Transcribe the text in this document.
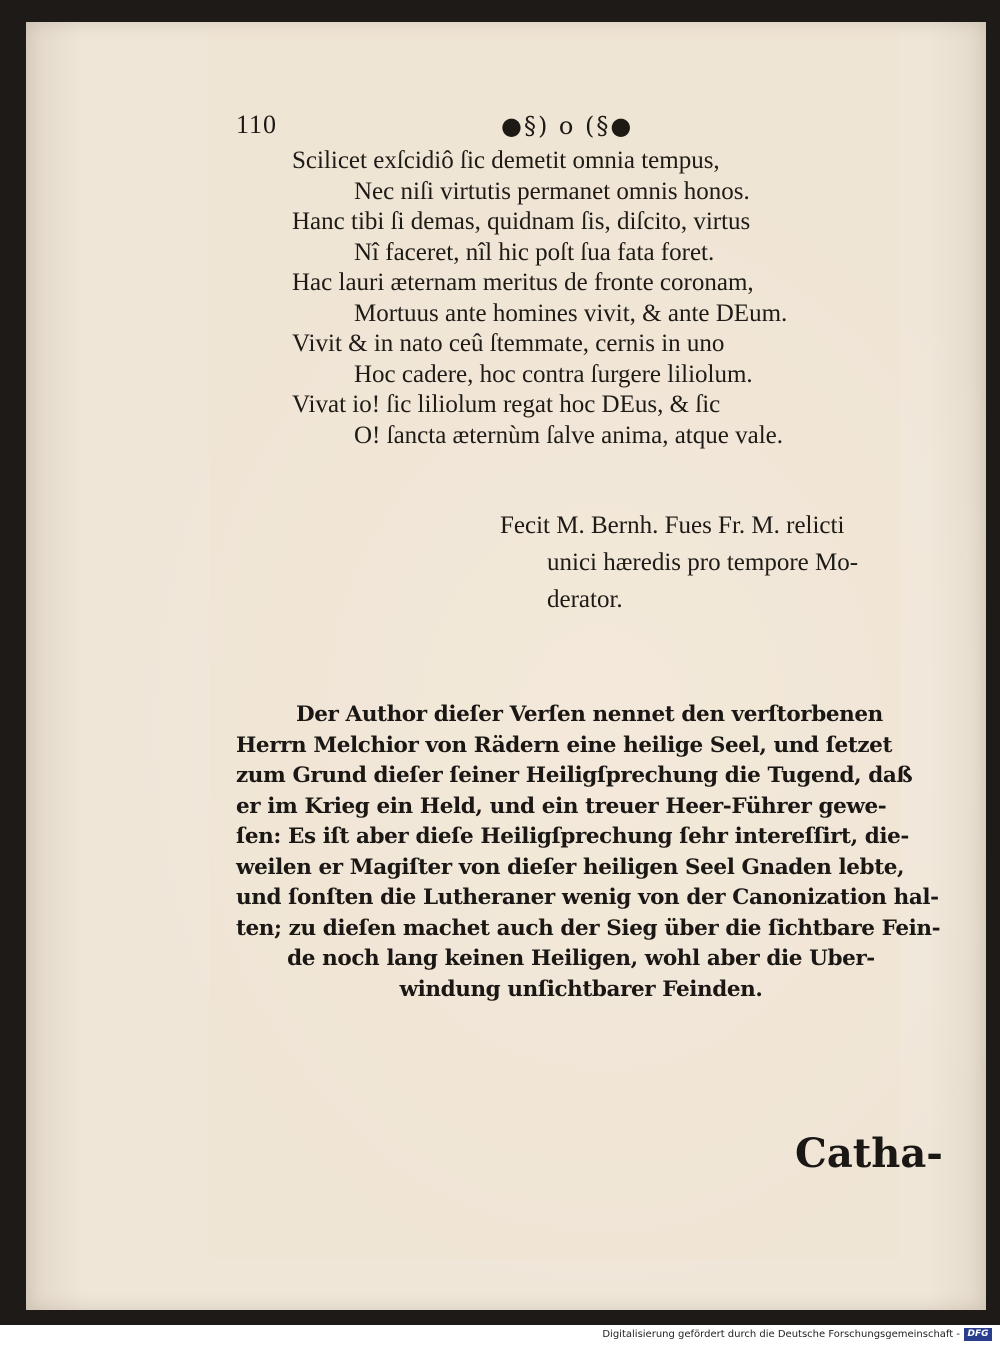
110	●§) o (§●
Scilicet exſcidiô ſic demetit omnia tempus,
Nec niſi virtutis permanet omnis honos.
Hanc tibi ſi demas, quidnam ſis, diſcito, virtus
Nî faceret, nîl hic poſt ſua fata foret.
Hac lauri æternam meritus de fronte coronam,
Mortuus ante homines vivit, & ante DEum.
Vivit & in nato ceû ſtemmate, cernis in uno
Hoc cadere, hoc contra ſurgere liliolum.
Vivat io! ſic liliolum regat hoc DEus, & ſic
O! ſancta æternùm ſalve anima, atque vale.
Fecit M. Bernh. Fues Fr. M. relicti
unici hæredis pro tempore Mo-
derator.
Der Author dieſer Verſen nennet den verſtorbenen
Herrn Melchior von Rädern eine heilige Seel, und ſetzet
zum Grund dieſer ſeiner Heiligſprechung die Tugend, daß
er im Krieg ein Held, und ein treuer Heer-Führer gewe-
ſen: Es iſt aber dieſe Heiligſprechung ſehr intereſſirt, die-
weilen er Magiſter von dieſer heiligen Seel Gnaden lebte,
und ſonſten die Lutheraner wenig von der Canonization hal-
ten; zu dieſen machet auch der Sieg über die ſichtbare Fein-
de noch lang keinen Heiligen, wohl aber die Uber-
windung unſichtbarer Feinden.
Catha-
Digitalisierung gefördert durch die Deutsche Forschungsgemeinschaft - DFG
